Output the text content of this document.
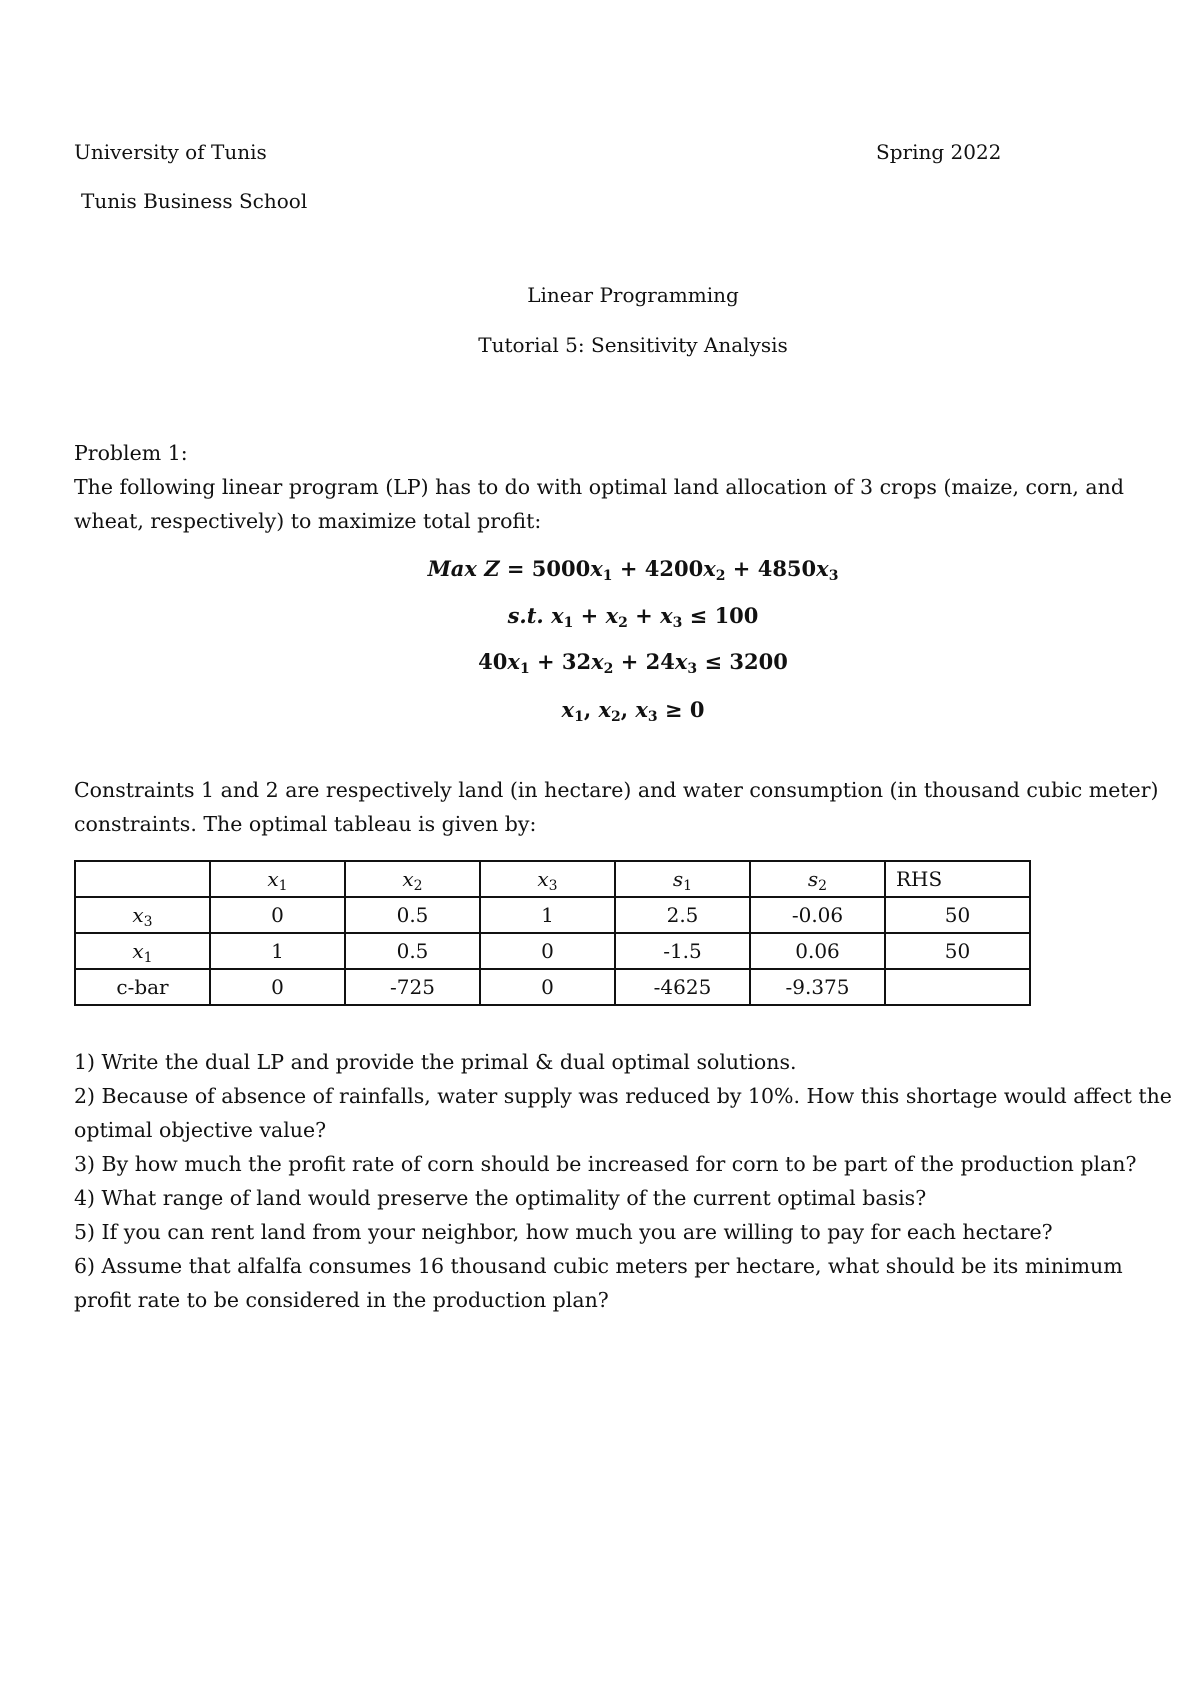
University of Tunis	Spring 2022
Tunis Business School
Linear Programming
Tutorial 5: Sensitivity Analysis
Problem 1:
The following linear program (LP) has to do with optimal land allocation of 3 crops (maize, corn, and
wheat, respectively) to maximize total profit:
Max $Z = 5000x_1 + 4200x_2 + 4850x_3$
s.t. $x_1 + x_2 + x_3 \le 100$
$40x_1 + 32x_2 + 24x_3 \le 3200$
$x_1$, $x_2$, $x_3 \ge 0$
Constraints 1 and 2 are respectively land (in hectare) and water consumption (in thousand cubic meter)
constraints. The optimal tableau is given by:
	$x_1$	$x_2$	$x_3$	$s_1$	$s_2$	RHS
$x_3$	0	0.5	1	2.5	-0.06	50
$x_1$	1	0.5	0	-1.5	0.06	50
c-bar	0	-725	0	-4625	-9.375	
1) Write the dual LP and provide the primal & dual optimal solutions.
2) Because of absence of rainfalls, water supply was reduced by 10%. How this shortage would affect the
optimal objective value?
3) By how much the profit rate of corn should be increased for corn to be part of the production plan?
4) What range of land would preserve the optimality of the current optimal basis?
5) If you can rent land from your neighbor, how much you are willing to pay for each hectare?
6) Assume that alfalfa consumes 16 thousand cubic meters per hectare, what should be its minimum
profit rate to be considered in the production plan?
